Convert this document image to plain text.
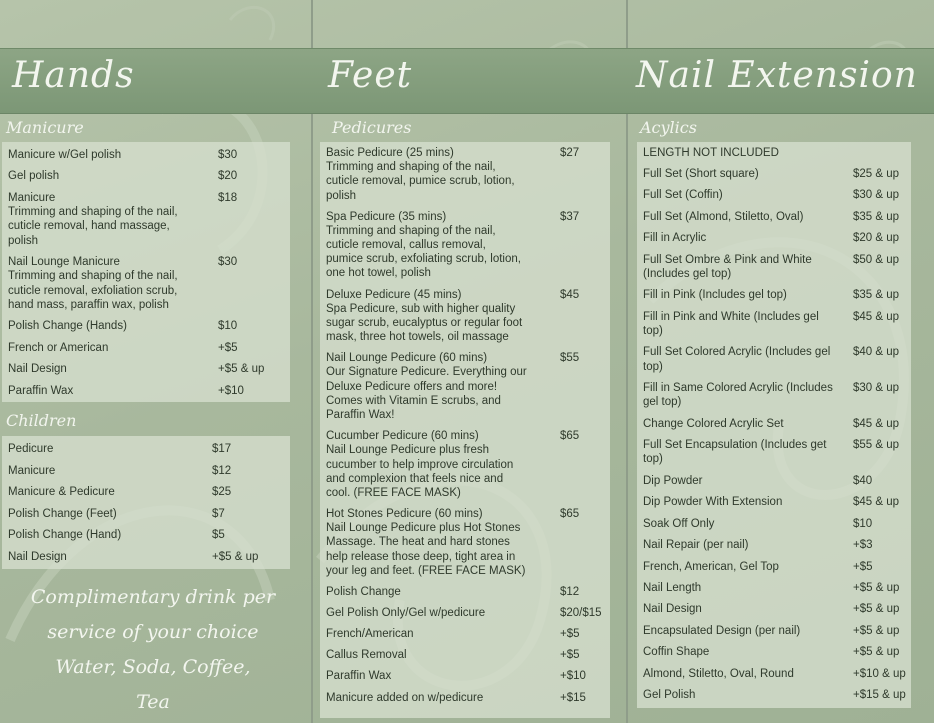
Hands	Feet	Nail Extension
Manicure
Manicure w/Gel polish	$30
Gel polish	$20
Manicure	$18
Trimming and shaping of the nail,
cuticle removal, hand massage,
polish
Nail Lounge Manicure	$30
Trimming and shaping of the nail,
cuticle removal, exfoliation scrub,
hand mass, paraffin wax, polish
Polish Change (Hands)	$10
French or American	+$5
Nail Design	+$5 & up
Paraffin Wax	+$10
Children
Pedicure	$17
Manicure	$12
Manicure & Pedicure	$25
Polish Change (Feet)	$7
Polish Change (Hand)	$5
Nail Design	+$5 & up
Complimentary drink per
service of your choice
Water, Soda, Coffee,
Tea
Pedicures
Basic Pedicure (25 mins)	$27
Trimming and shaping of the nail,
cuticle removal, pumice scrub, lotion,
polish
Spa Pedicure (35 mins)	$37
Trimming and shaping of the nail,
cuticle removal, callus removal,
pumice scrub, exfoliating scrub, lotion,
one hot towel, polish
Deluxe Pedicure (45 mins)	$45
Spa Pedicure, sub with higher quality
sugar scrub, eucalyptus or regular foot
mask, three hot towels, oil massage
Nail Lounge Pedicure (60 mins)	$55
Our Signature Pedicure. Everything our
Deluxe Pedicure offers and more!
Comes with Vitamin E scrubs, and
Paraffin Wax!
Cucumber Pedicure (60 mins)	$65
Nail Lounge Pedicure plus fresh
cucumber to help improve circulation
and complexion that feels nice and
cool. (FREE FACE MASK)
Hot Stones Pedicure (60 mins)	$65
Nail Lounge Pedicure plus Hot Stones
Massage. The heat and hard stones
help release those deep, tight area in
your leg and feet. (FREE FACE MASK)
Polish Change	$12
Gel Polish Only/Gel w/pedicure	$20/$15
French/American	+$5
Callus Removal	+$5
Paraffin Wax	+$10
Manicure added on w/pedicure	+$15
Acylics
LENGTH NOT INCLUDED
Full Set (Short square)	$25 & up
Full Set (Coffin)	$30 & up
Full Set (Almond, Stiletto, Oval)	$35 & up
Fill in Acrylic	$20 & up
Full Set Ombre & Pink and White	$50 & up
(Includes gel top)
Fill in Pink (Includes gel top)	$35 & up
Fill in Pink and White (Includes gel	$45 & up
top)
Full Set Colored Acrylic (Includes gel $40 & up
top)
Fill in Same Colored Acrylic (Includes $30 & up
gel top)
Change Colored Acrylic Set	$45 & up
Full Set Encapsulation (Includes get $55 & up
top)
Dip Powder	$40
Dip Powder With Extension	$45 & up
Soak Off Only	$10
Nail Repair (per nail)	+$3
French, American, Gel Top	+$5
Nail Length	+$5 & up
Nail Design	+$5 & up
Encapsulated Design (per nail)	+$5 & up
Coffin Shape	+$5 & up
Almond, Stiletto, Oval, Round	+$10 & up
Gel Polish	+$15 & up
